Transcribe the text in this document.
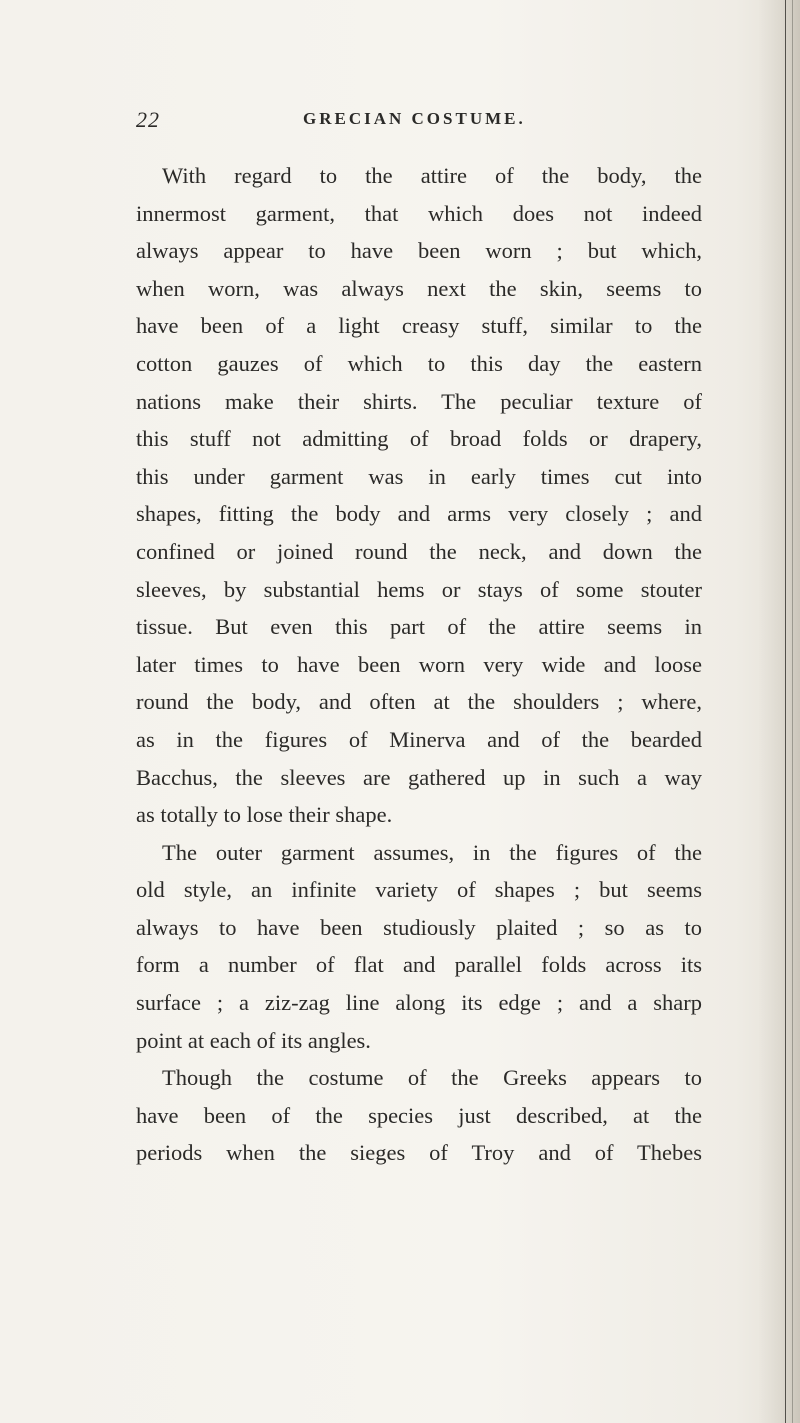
22	GRECIAN COSTUME.
With regard to the attire of the body, the
innermost garment, that which does not indeed
always appear to have been worn ; but which,
when worn, was always next the skin, seems to
have been of a light creasy stuff, similar to the
cotton gauzes of which to this day the eastern
nations make their shirts. The peculiar texture of
this stuff not admitting of broad folds or drapery,
this under garment was in early times cut into
shapes, fitting the body and arms very closely ; and
confined or joined round the neck, and down the
sleeves, by substantial hems or stays of some stouter
tissue. But even this part of the attire seems in
later times to have been worn very wide and loose
round the body, and often at the shoulders ; where,
as in the figures of Minerva and of the bearded
Bacchus, the sleeves are gathered up in such a way
as totally to lose their shape.
The outer garment assumes, in the figures of the
old style, an infinite variety of shapes ; but seems
always to have been studiously plaited ; so as to
form a number of flat and parallel folds across its
surface ; a ziz-zag line along its edge ; and a sharp
point at each of its angles.
Though the costume of the Greeks appears to
have been of the species just described, at the
periods when the sieges of Troy and of Thebes
